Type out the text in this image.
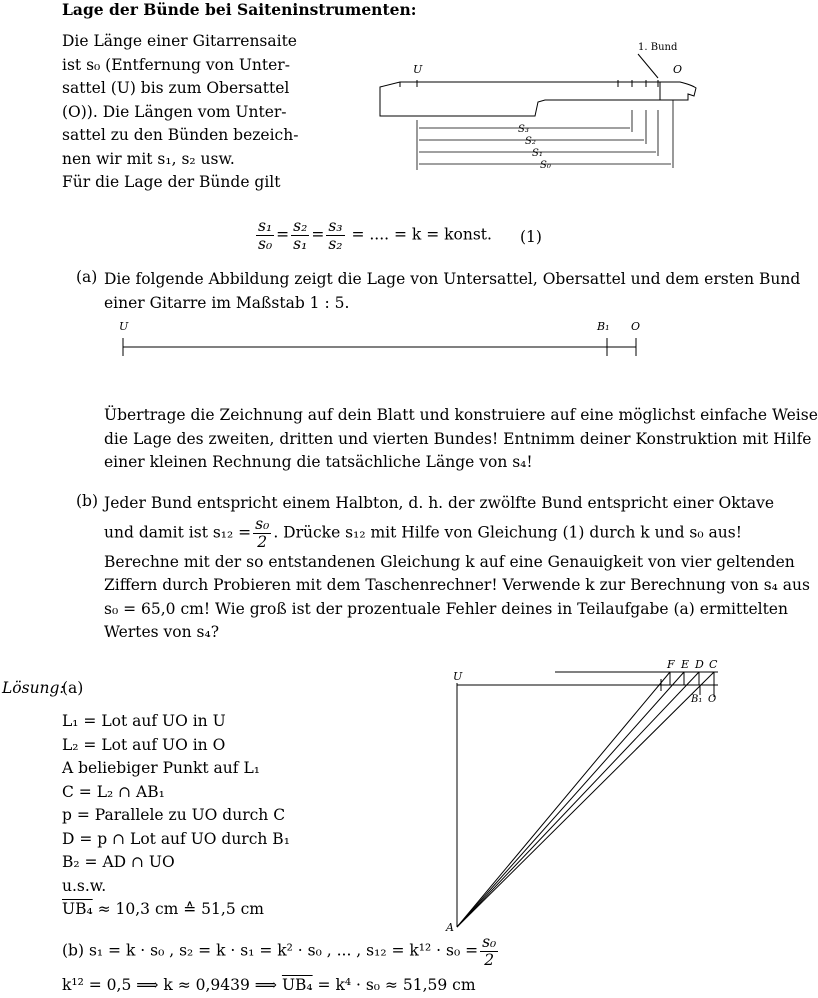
Lage der Bünde bei Saiteninstrumenten:
Die Länge einer Gitarrensaite
ist s₀ (Entfernung von Unter-
sattel (U) bis zum Obersattel
(O)). Die Längen vom Unter-
sattel zu den Bünden bezeich-
nen wir mit s₁, s₂ usw.
Für die Lage der Bünde gilt
1. Bund
U	O
S₃
S₂
S₁
S₀
$\frac{\text{s₁}}{\text{s₀}} = \frac{\text{s₂}}{\text{s₁}} = \frac{\text{s₃}}{\text{s₂}}$ = .... = k = konst. (1)
(a) Die folgende Abbildung zeigt die Lage von Untersattel, Obersattel und dem ersten Bund
einer Gitarre im Maßstab 1 : 5.
U	B₁ O
Übertrage die Zeichnung auf dein Blatt und konstruiere auf eine möglichst einfache Weise
die Lage des zweiten, dritten und vierten Bundes! Entnimm deiner Konstruktion mit Hilfe
einer kleinen Rechnung die tatsächliche Länge von s₄!
(b) Jeder Bund entspricht einem Halbton, d. h. der zwölfte Bund entspricht einer Oktave
und damit ist $s_{12} = \frac{\text{s₀}}{2}$ . Drücke s₁₂ mit Hilfe von Gleichung (1) durch k und s₀ aus!
Berechne mit der so entstandenen Gleichung k auf eine Genauigkeit von vier geltenden
Ziffern durch Probieren mit dem Taschenrechner! Verwende k zur Berechnung von s₄ aus
s₀ = 65,0 cm! Wie groß ist der prozentuale Fehler deines in Teilaufgabe (a) ermittelten
Wertes von s₄?
Lösung:
(a)
L₁ = Lot auf UO in U
L₂ = Lot auf UO in O
A beliebiger Punkt auf L₁
C = L₂ ∩ AB₁
p = Parallele zu UO durch C
D = p ∩ Lot auf UO durch B₁
B₂ = AD ∩ UO
u.s.w.
UB₄ ≈ 10,3 cm ≙ 51,5 cm
U
A
F E D C
B₁ O
(b) s₁ = k · s₀ , s₂ = k · s₁ = k² · s₀ , ... , $s_{12} = k^{12} \cdot s_0 = \frac{\text{s₀}}{2}$
k¹² = 0,5 ⟹ k ≈ 0,9439 ⟹ UB₄ = k⁴ · s₀ ≈ 51,59 cm
